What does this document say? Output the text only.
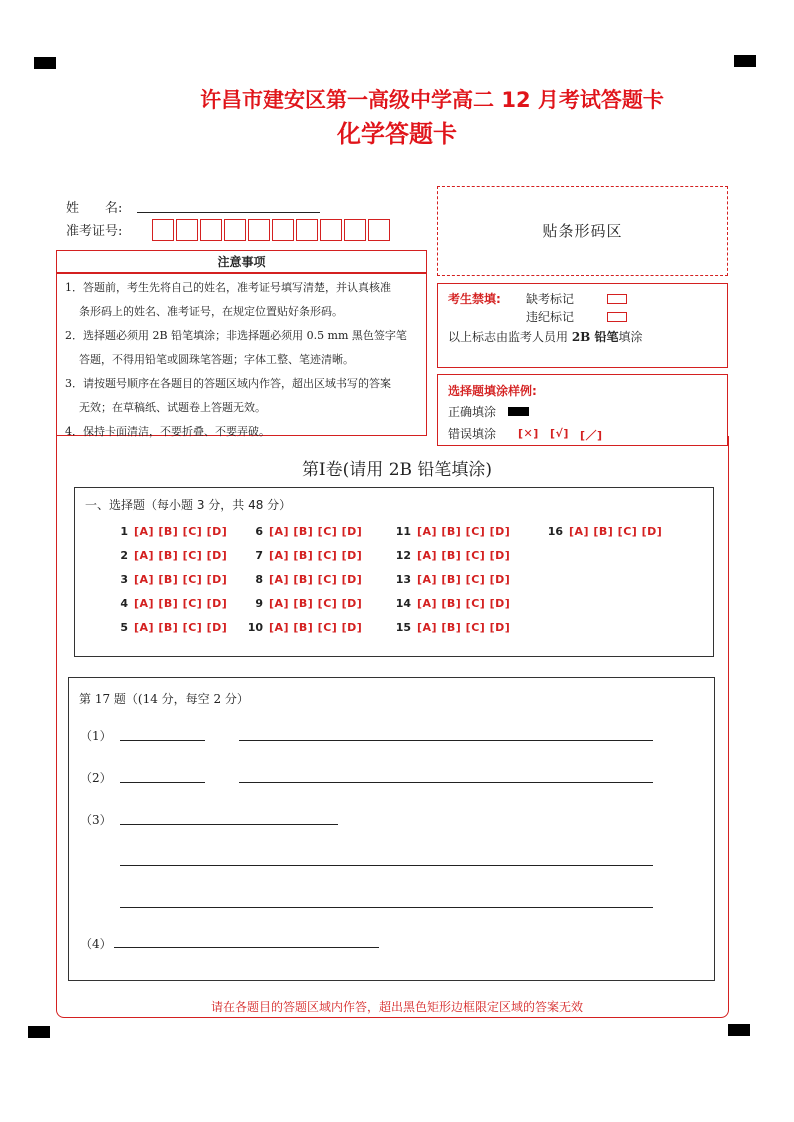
许昌市建安区第一高级中学高二 12 月考试答题卡
化学答题卡
姓　　名:
准考证号:	贴条形码区
注意事项

1．答题前，考生先将自己的姓名，准考证号填写清楚，并认真核准

条形码上的姓名、准考证号，在规定位置贴好条形码。

2．选择题必须用 2B 铅笔填涂；非选择题必须用 0.5 mm 黑色签字笔

答题，不得用铅笔或圆珠笔答题；字体工整、笔迹清晰。

3．请按题号顺序在各题目的答题区域内作答，超出区域书写的答案

无效；在草稿纸、试题卷上答题无效。

4．保持卡面清洁，不要折叠、不要弄破。

考生禁填: 缺考标记
违纪标记
以上标志由监考人员用 2B 铅笔填涂
选择题填涂样例:
正确填涂
错误填涂 [✕] [√] [／]
第Ⅰ卷(请用 2B 铅笔填涂)
一、选择题（每小题 3 分，共 48 分）
1 [A] [B] [C] [D]
2 [A] [B] [C] [D]
3 [A] [B] [C] [D]
4 [A] [B] [C] [D]
5 [A] [B] [C] [D]
6 [A] [B] [C] [D]
7 [A] [B] [C] [D]
8 [A] [B] [C] [D]
9 [A] [B] [C] [D]
10 [A] [B] [C] [D]
11 [A] [B] [C] [D]
12 [A] [B] [C] [D]
13 [A] [B] [C] [D]
14 [A] [B] [C] [D]
15 [A] [B] [C] [D]
16 [A] [B] [C] [D]
第 17 题（(14 分，每空 2 分）
（1）
（2）
（3）
（4）
请在各题目的答题区域内作答，超出黑色矩形边框限定区域的答案无效
